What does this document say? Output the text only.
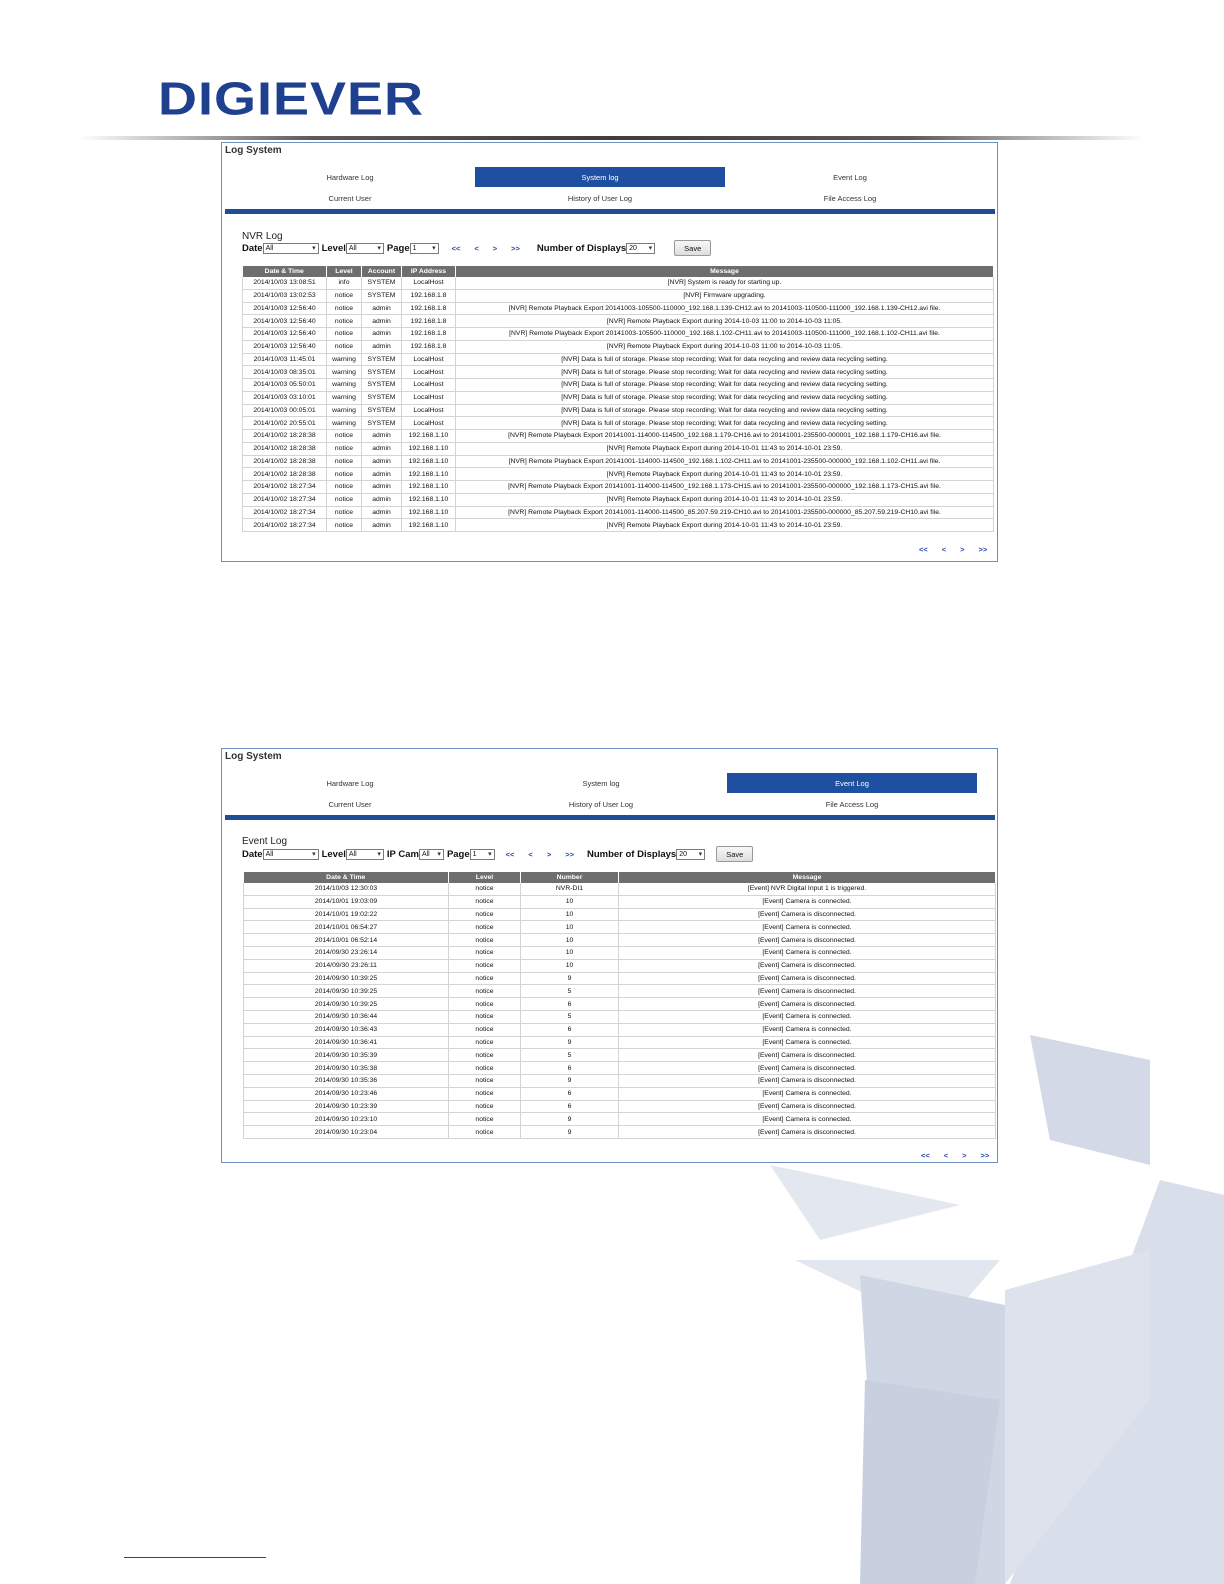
DIGIEVER
Log System
Hardware Log	System log	Event Log
Current User	History of User Log	File Access Log
NVR Log
Date All	▾ Level All	▾ Page 1 ▾ << < > >> Number of Displays 20 ▾	Save
Date & Time	Level	Account	IP Address	Message
2014/10/03 13:08:51	info	SYSTEM	LocalHost	[NVR] System is ready for starting up.
2014/10/03 13:02:53	notice	SYSTEM	192.168.1.8	[NVR] Firmware upgrading.
2014/10/03 12:56:40	notice	admin	192.168.1.8	[NVR] Remote Playback Export 20141003-105500-110000_192.168.1.139-CH12.avi to 20141003-110500-111000_192.168.1.139-CH12.avi file.
2014/10/03 12:56:40	notice	admin	192.168.1.8	[NVR] Remote Playback Export during 2014-10-03 11:00 to 2014-10-03 11:05.
2014/10/03 12:56:40	notice	admin	192.168.1.8	[NVR] Remote Playback Export 20141003-105500-110000_192.168.1.102-CH11.avi to 20141003-110500-111000_192.168.1.102-CH11.avi file.
2014/10/03 12:56:40	notice	admin	192.168.1.8	[NVR] Remote Playback Export during 2014-10-03 11:00 to 2014-10-03 11:05.
2014/10/03 11:45:01	warning	SYSTEM	LocalHost	[NVR] Data is full of storage. Please stop recording; Wait for data recycling and review data recycling setting.
2014/10/03 08:35:01	warning	SYSTEM	LocalHost	[NVR] Data is full of storage. Please stop recording; Wait for data recycling and review data recycling setting.
2014/10/03 05:50:01	warning	SYSTEM	LocalHost	[NVR] Data is full of storage. Please stop recording; Wait for data recycling and review data recycling setting.
2014/10/03 03:10:01	warning	SYSTEM	LocalHost	[NVR] Data is full of storage. Please stop recording; Wait for data recycling and review data recycling setting.
2014/10/03 00:05:01	warning	SYSTEM	LocalHost	[NVR] Data is full of storage. Please stop recording; Wait for data recycling and review data recycling setting.
2014/10/02 20:55:01	warning	SYSTEM	LocalHost	[NVR] Data is full of storage. Please stop recording; Wait for data recycling and review data recycling setting.
2014/10/02 18:28:38	notice	admin	192.168.1.10	[NVR] Remote Playback Export 20141001-114000-114500_192.168.1.179-CH16.avi to 20141001-235500-000001_192.168.1.179-CH16.avi file.
2014/10/02 18:28:38	notice	admin	192.168.1.10	[NVR] Remote Playback Export during 2014-10-01 11:43 to 2014-10-01 23:59.
2014/10/02 18:28:38	notice	admin	192.168.1.10	[NVR] Remote Playback Export 20141001-114000-114500_192.168.1.102-CH11.avi to 20141001-235500-000000_192.168.1.102-CH11.avi file.
2014/10/02 18:28:38	notice	admin	192.168.1.10	[NVR] Remote Playback Export during 2014-10-01 11:43 to 2014-10-01 23:59.
2014/10/02 18:27:34	notice	admin	192.168.1.10	[NVR] Remote Playback Export 20141001-114000-114500_192.168.1.173-CH15.avi to 20141001-235500-000000_192.168.1.173-CH15.avi file.
2014/10/02 18:27:34	notice	admin	192.168.1.10	[NVR] Remote Playback Export during 2014-10-01 11:43 to 2014-10-01 23:59.
2014/10/02 18:27:34	notice	admin	192.168.1.10	[NVR] Remote Playback Export 20141001-114000-114500_85.207.59.219-CH10.avi to 20141001-235500-000000_85.207.59.219-CH10.avi file.
2014/10/02 18:27:34	notice	admin	192.168.1.10	[NVR] Remote Playback Export during 2014-10-01 11:43 to 2014-10-01 23:59.
<< < > >>
Log System
Hardware Log	System log	Event Log
Current User	History of User Log	File Access Log
Event Log
Date All	▾ Level All	▾ IP Cam All ▾ Page 1 ▾ << < > >> Number of Displays 20 ▾	Save
Date & Time	Level	Number	Message
2014/10/03 12:30:03	notice	NVR-DI1	[Event] NVR Digital Input 1 is triggered.
2014/10/01 19:03:09	notice	10	[Event] Camera is connected.
2014/10/01 19:02:22	notice	10	[Event] Camera is disconnected.
2014/10/01 06:54:27	notice	10	[Event] Camera is connected.
2014/10/01 06:52:14	notice	10	[Event] Camera is disconnected.
2014/09/30 23:26:14	notice	10	[Event] Camera is connected.
2014/09/30 23:26:11	notice	10	[Event] Camera is disconnected.
2014/09/30 10:39:25	notice	9	[Event] Camera is disconnected.
2014/09/30 10:39:25	notice	5	[Event] Camera is disconnected.
2014/09/30 10:39:25	notice	6	[Event] Camera is disconnected.
2014/09/30 10:36:44	notice	5	[Event] Camera is connected.
2014/09/30 10:36:43	notice	6	[Event] Camera is connected.
2014/09/30 10:36:41	notice	9	[Event] Camera is connected.
2014/09/30 10:35:39	notice	5	[Event] Camera is disconnected.
2014/09/30 10:35:38	notice	6	[Event] Camera is disconnected.
2014/09/30 10:35:36	notice	9	[Event] Camera is disconnected.
2014/09/30 10:23:46	notice	6	[Event] Camera is connected.
2014/09/30 10:23:39	notice	6	[Event] Camera is disconnected.
2014/09/30 10:23:10	notice	9	[Event] Camera is connected.
2014/09/30 10:23:04	notice	9	[Event] Camera is disconnected.
<< < > >>
